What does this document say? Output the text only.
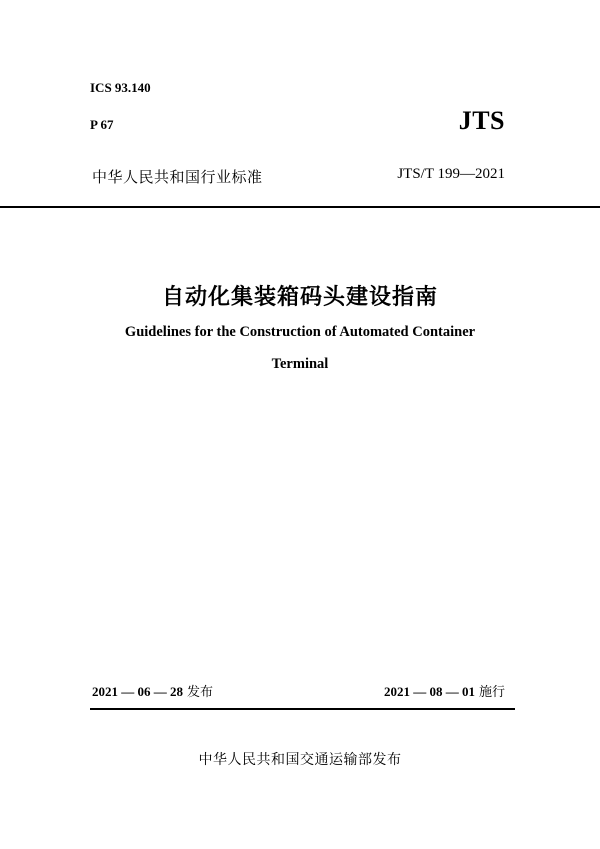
ICS 93.140
P 67	JTS
中华人民共和国行业标准	JTS/T 199—2021
自动化集装箱码头建设指南
Guidelines for the Construction of Automated Container
Terminal
2021 — 06 — 28 发布	2021 — 08 — 01 施行
中华人民共和国交通运输部发布
